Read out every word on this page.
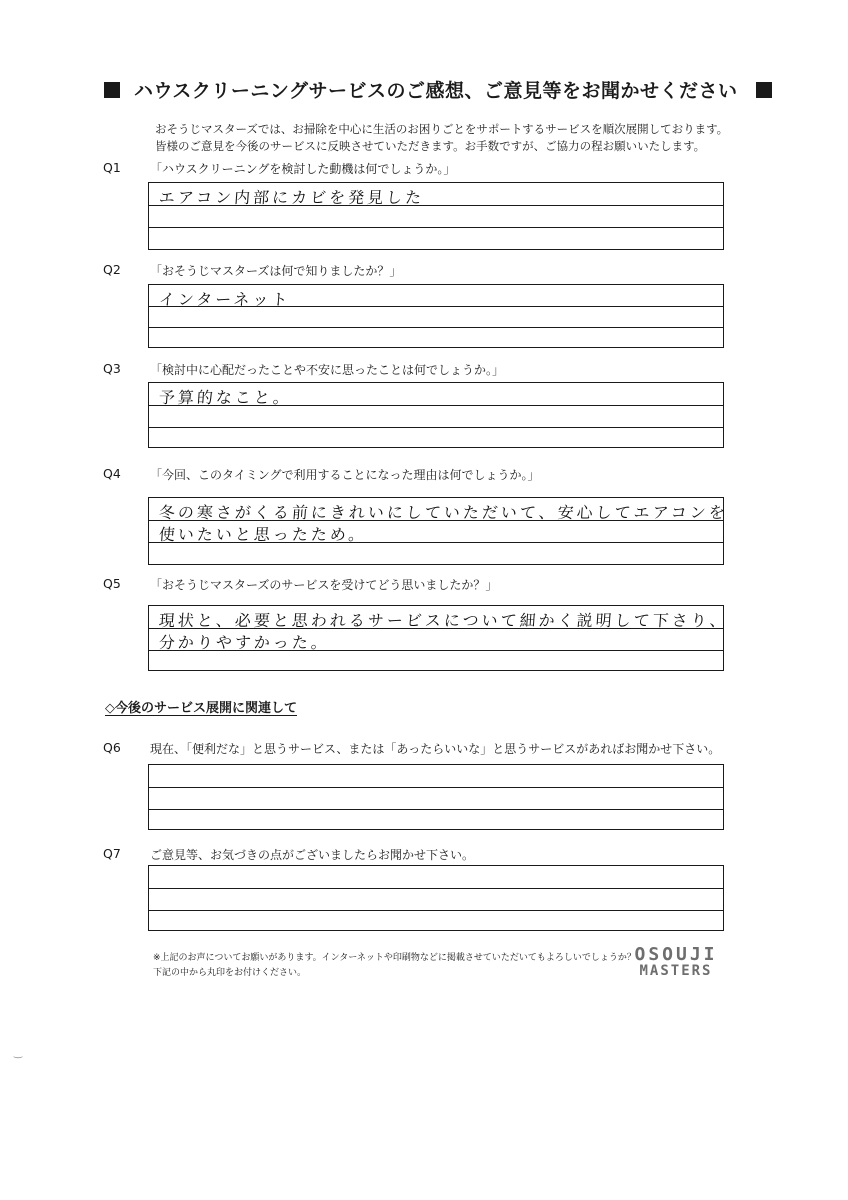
ハウスクリーニングサービスのご感想、ご意見等をお聞かせください
おそうじマスターズでは、お掃除を中心に生活のお困りごとをサポートするサービスを順次展開しております。
皆様のご意見を今後のサービスに反映させていただきます。お手数ですが、ご協力の程お願いいたします。
Q1 「ハウスクリーニングを検討した動機は何でしょうか。」
エアコン内部にカビを発見した
Q2 「おそうじマスターズは何で知りましたか？」
インターネット
Q3 「検討中に心配だったことや不安に思ったことは何でしょうか。」
予算的なこと。
Q4 「今回、このタイミングで利用することになった理由は何でしょうか。」
冬の寒さがくる前にきれいにしていただいて、安心してエアコンを
使いたいと思ったため。
Q5 「おそうじマスターズのサービスを受けてどう思いましたか？」
現状と、必要と思われるサービスについて細かく説明して下さり、
分かりやすかった。
◇今後のサービス展開に関連して
Q6 現在、「便利だな」と思うサービス、または「あったらいいな」と思うサービスがあればお聞かせ下さい。
Q7 ご意見等、お気づきの点がございましたらお聞かせ下さい。
※上記のお声についてお願いがあります。インターネットや印刷物などに掲載させていただいてもよろしいでしょうか？
下記の中から丸印をお付けください。
OSOUJI
MASTERS
‿
